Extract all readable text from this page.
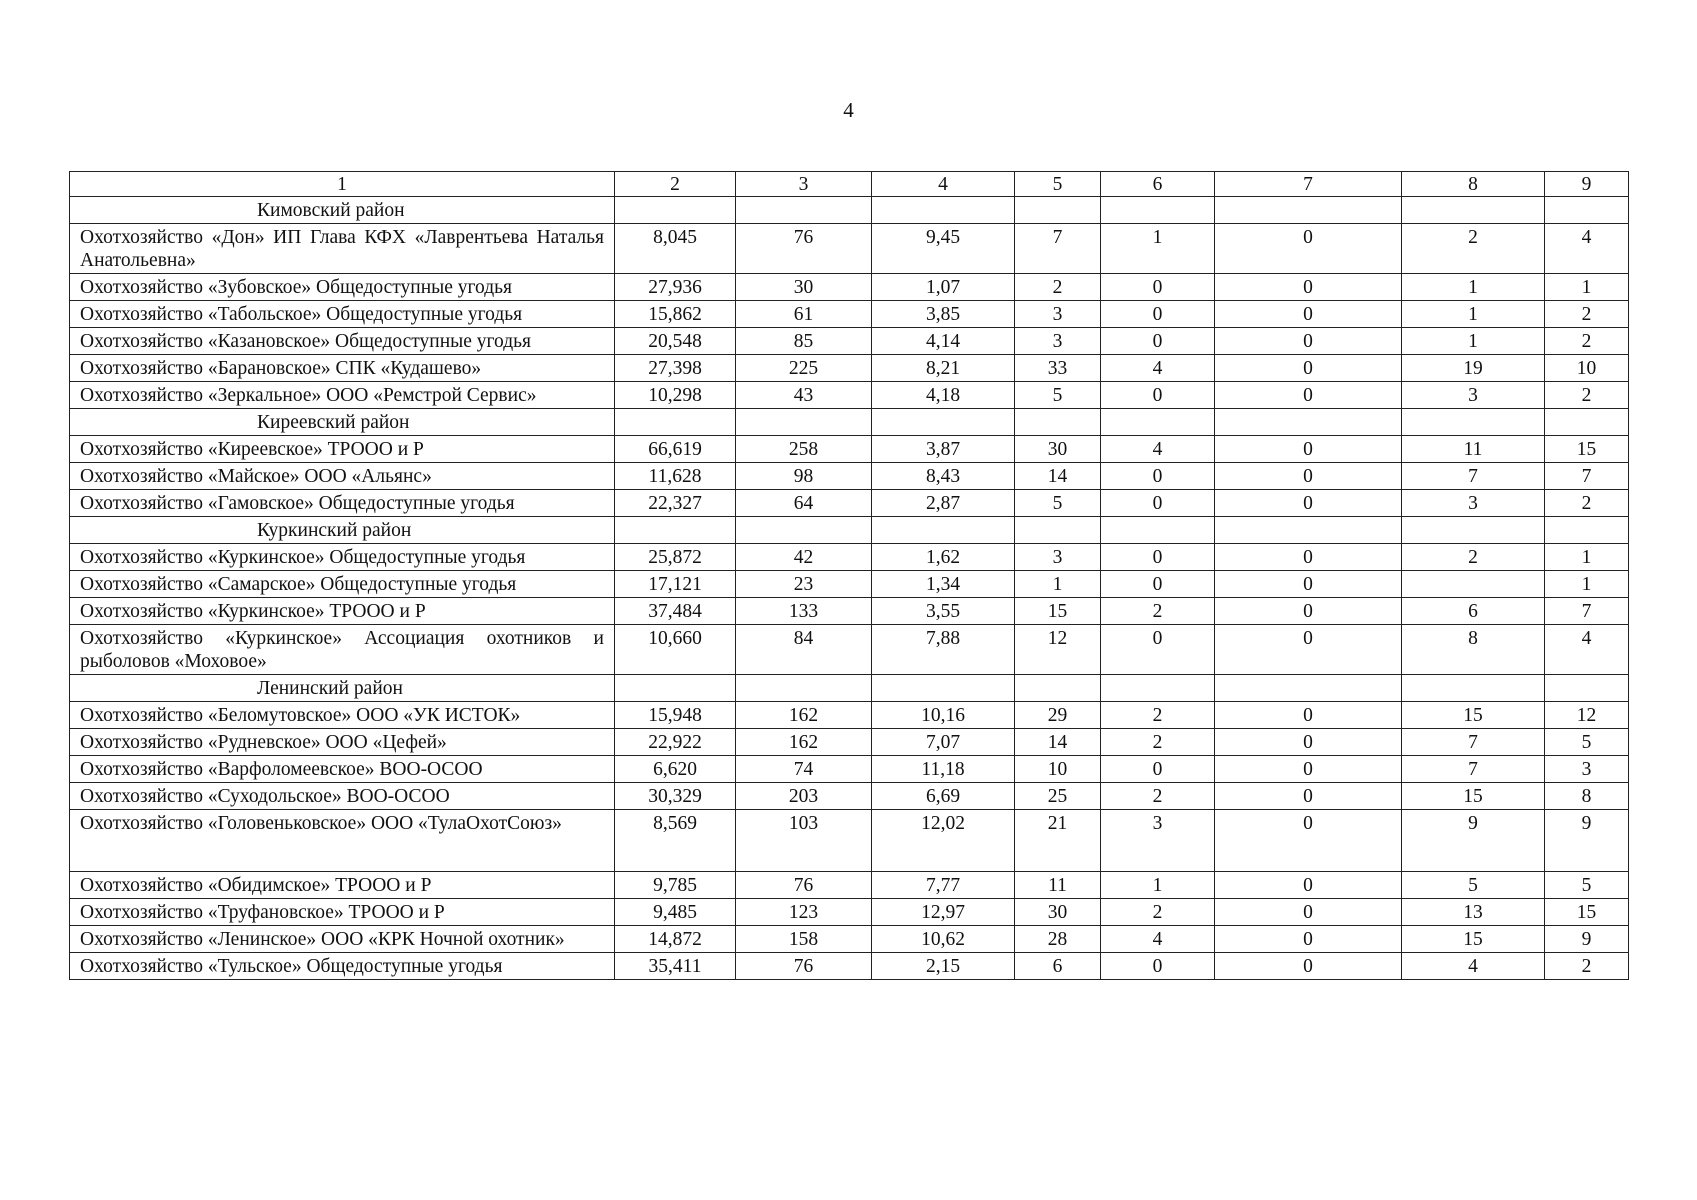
4
1	2	3	4	5	6	7	8	9
Кимовский район								
Охотхозяйство «Дон» ИП Глава КФХ «Лаврентьева Наталья Анатольевна»	8,045	76	9,45	7	1	0	2	4
Охотхозяйство «Зубовское» Общедоступные угодья	27,936	30	1,07	2	0	0	1	1
Охотхозяйство «Табольское» Общедоступные угодья	15,862	61	3,85	3	0	0	1	2
Охотхозяйство «Казановское» Общедоступные угодья	20,548	85	4,14	3	0	0	1	2
Охотхозяйство «Барановское» СПК «Кудашево»	27,398	225	8,21	33	4	0	19	10
Охотхозяйство «Зеркальное» ООО «Ремстрой Сервис»	10,298	43	4,18	5	0	0	3	2
Киреевский район								
Охотхозяйство «Киреевское» ТРООО и Р	66,619	258	3,87	30	4	0	11	15
Охотхозяйство «Майское» ООО «Альянс»	11,628	98	8,43	14	0	0	7	7
Охотхозяйство «Гамовское» Общедоступные угодья	22,327	64	2,87	5	0	0	3	2
Куркинский район								
Охотхозяйство «Куркинское» Общедоступные угодья	25,872	42	1,62	3	0	0	2	1
Охотхозяйство «Самарское» Общедоступные угодья	17,121	23	1,34	1	0	0		1
Охотхозяйство «Куркинское» ТРООО и Р	37,484	133	3,55	15	2	0	6	7
Охотхозяйство «Куркинское» Ассоциация охотников и рыболовов «Моховое»	10,660	84	7,88	12	0	0	8	4
Ленинский район								
Охотхозяйство «Беломутовское» ООО «УК ИСТОК»	15,948	162	10,16	29	2	0	15	12
Охотхозяйство «Рудневское» ООО «Цефей»	22,922	162	7,07	14	2	0	7	5
Охотхозяйство «Варфоломеевское» ВОО-ОСОО	6,620	74	11,18	10	0	0	7	3
Охотхозяйство «Суходольское» ВОО-ОСОО	30,329	203	6,69	25	2	0	15	8
Охотхозяйство «Головеньковское» ООО «ТулаОхотСоюз»	8,569	103	12,02	21	3	0	9	9
Охотхозяйство «Обидимское» ТРООО и Р	9,785	76	7,77	11	1	0	5	5
Охотхозяйство «Труфановское» ТРООО и Р	9,485	123	12,97	30	2	0	13	15
Охотхозяйство «Ленинское» ООО «КРК Ночной охотник»	14,872	158	10,62	28	4	0	15	9
Охотхозяйство «Тульское» Общедоступные угодья	35,411	76	2,15	6	0	0	4	2
